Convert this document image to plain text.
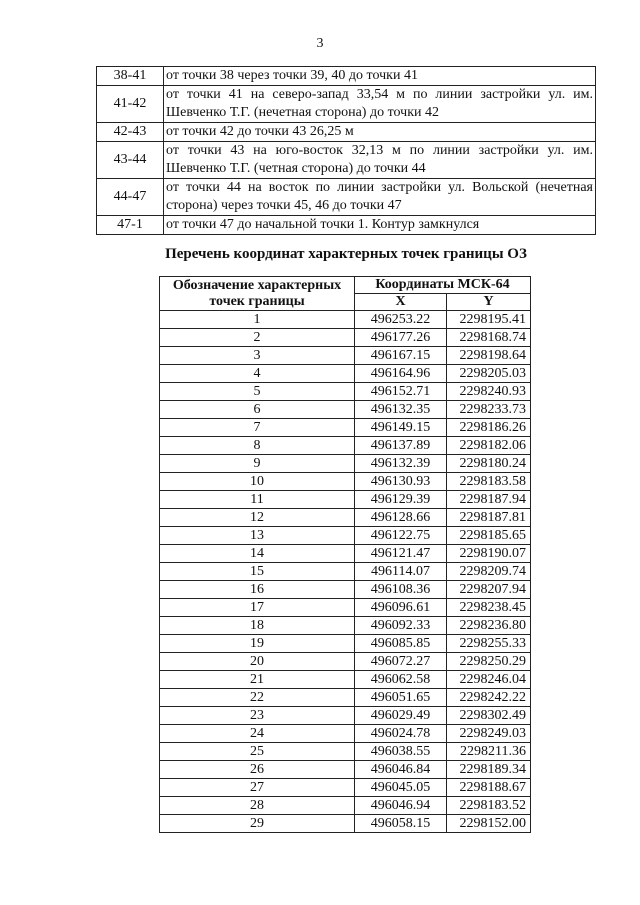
3
38-41	от точки 38 через точки 39, 40 до точки 41
41-42	от точки 41 на северо-запад 33,54 м по линии застройки ул. им. Шевченко Т.Г. (нечетная сторона) до точки 42
42-43	от точки 42 до точки 43 26,25 м
43-44	от точки 43 на юго-восток 32,13 м по линии застройки ул. им. Шевченко Т.Г. (четная сторона) до точки 44
44-47	от точки 44 на восток по линии застройки ул. Вольской (нечетная сторона) через точки 45, 46 до точки 47
47-1	от точки 47 до начальной точки 1. Контур замкнулся
Перечень координат характерных точек границы ОЗ
Обозначение характерных точек границы	Координаты МСК-64	
	X	Y
1	496253.22	2298195.41
2	496177.26	2298168.74
3	496167.15	2298198.64
4	496164.96	2298205.03
5	496152.71	2298240.93
6	496132.35	2298233.73
7	496149.15	2298186.26
8	496137.89	2298182.06
9	496132.39	2298180.24
10	496130.93	2298183.58
11	496129.39	2298187.94
12	496128.66	2298187.81
13	496122.75	2298185.65
14	496121.47	2298190.07
15	496114.07	2298209.74
16	496108.36	2298207.94
17	496096.61	2298238.45
18	496092.33	2298236.80
19	496085.85	2298255.33
20	496072.27	2298250.29
21	496062.58	2298246.04
22	496051.65	2298242.22
23	496029.49	2298302.49
24	496024.78	2298249.03
25	496038.55	2298211.36
26	496046.84	2298189.34
27	496045.05	2298188.67
28	496046.94	2298183.52
29	496058.15	2298152.00
